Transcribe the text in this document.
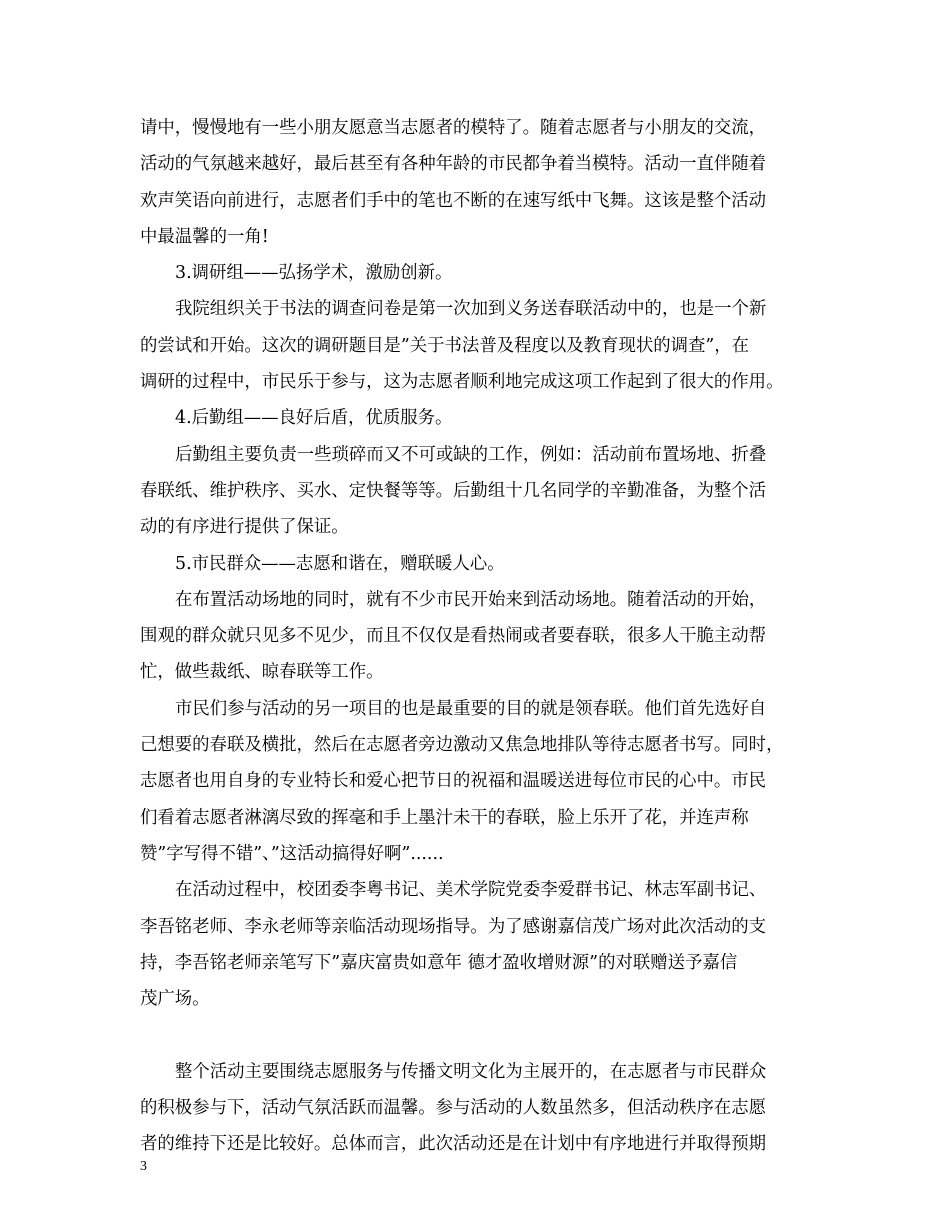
请中，慢慢地有一些小朋友愿意当志愿者的模特了。随着志愿者与小朋友的交流，
活动的气氛越来越好，最后甚至有各种年龄的市民都争着当模特。活动一直伴随着
欢声笑语向前进行，志愿者们手中的笔也不断的在速写纸中飞舞。这该是整个活动
中最温馨的一角!
3.调研组——弘扬学术，激励创新。
我院组织关于书法的调查问卷是第一次加到义务送春联活动中的，也是一个新
的尝试和开始。这次的调研题目是”关于书法普及程度以及教育现状的调查”，在
调研的过程中，市民乐于参与，这为志愿者顺利地完成这项工作起到了很大的作用。
4.后勤组——良好后盾，优质服务。
后勤组主要负责一些琐碎而又不可或缺的工作，例如：活动前布置场地、折叠
春联纸、维护秩序、买水、定快餐等等。后勤组十几名同学的辛勤准备，为整个活
动的有序进行提供了保证。
5.市民群众——志愿和谐在，赠联暖人心。
在布置活动场地的同时，就有不少市民开始来到活动场地。随着活动的开始，
围观的群众就只见多不见少，而且不仅仅是看热闹或者要春联，很多人干脆主动帮
忙，做些裁纸、晾春联等工作。
市民们参与活动的另一项目的也是最重要的目的就是领春联。他们首先选好自
己想要的春联及横批，然后在志愿者旁边激动又焦急地排队等待志愿者书写。同时，
志愿者也用自身的专业特长和爱心把节日的祝福和温暖送进每位市民的心中。市民
们看着志愿者淋漓尽致的挥毫和手上墨汁未干的春联，脸上乐开了花，并连声称
赞”字写得不错”、”这活动搞得好啊”......
在活动过程中，校团委李粤书记、美术学院党委李爱群书记、林志军副书记、
李吾铭老师、李永老师等亲临活动现场指导。为了感谢嘉信茂广场对此次活动的支
持，李吾铭老师亲笔写下”嘉庆富贵如意年 德才盈收增财源”的对联赠送予嘉信
茂广场。
整个活动主要围绕志愿服务与传播文明文化为主展开的，在志愿者与市民群众
的积极参与下，活动气氛活跃而温馨。参与活动的人数虽然多，但活动秩序在志愿
者的维持下还是比较好。总体而言，此次活动还是在计划中有序地进行并取得预期
3
